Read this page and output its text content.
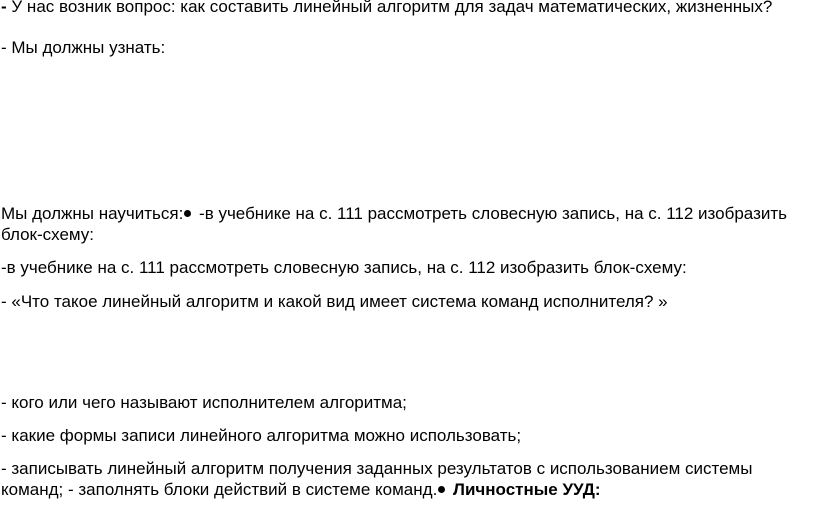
- У нас возник вопрос: как составить линейный алгоритм для задач математических, жизненных?
- Мы должны узнать:
Мы должны научиться: -в учебнике на с. 111 рассмотреть словесную запись, на с. 112 изобразить блок-схему:
-в учебнике на с. 111 рассмотреть словесную запись, на с. 112 изобразить блок-схему:
- «Что такое линейный алгоритм и какой вид имеет система команд исполнителя? »
- кого или чего называют исполнителем алгоритма;
- какие формы записи линейного алгоритма можно использовать;
- записывать линейный алгоритм получения заданных результатов с использованием системы команд; - заполнять блоки действий в системе команд. Личностные УУД:
